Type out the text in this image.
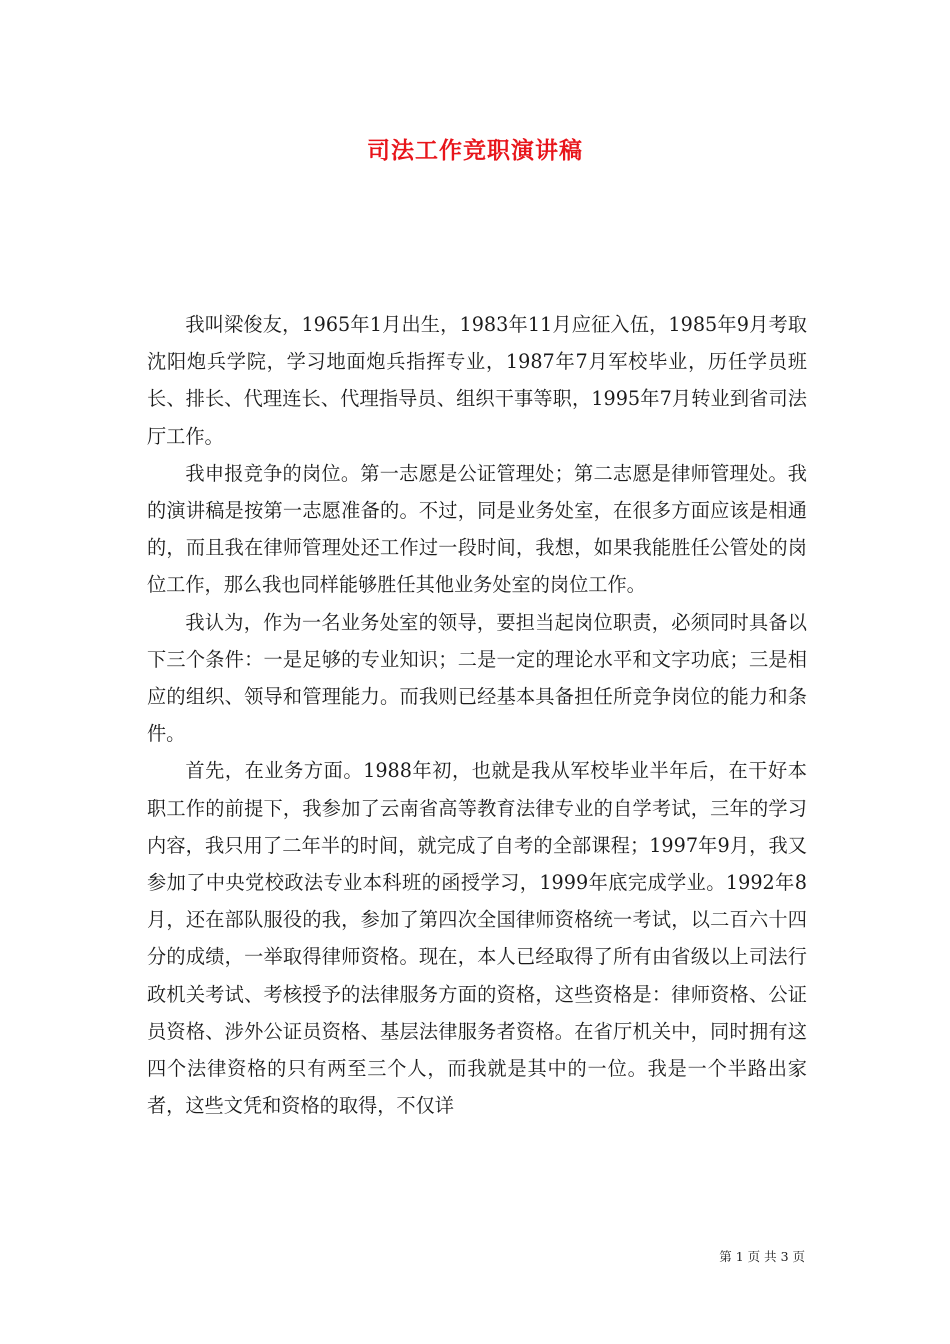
司法工作竞职演讲稿

我叫梁俊友，1965年1月出生，1983年11月应征入伍，1985年9月考取沈阳炮兵学院，学习地面炮兵指挥专业，1987年7月军校毕业，历任学员班长、排长、代理连长、代理指导员、组织干事等职，1995年7月转业到省司法厅工作。

我申报竞争的岗位。第一志愿是公证管理处；第二志愿是律师管理处。我的演讲稿是按第一志愿准备的。不过，同是业务处室，在很多方面应该是相通的，而且我在律师管理处还工作过一段时间，我想，如果我能胜任公管处的岗位工作，那么我也同样能够胜任其他业务处室的岗位工作。

我认为，作为一名业务处室的领导，要担当起岗位职责，必须同时具备以下三个条件：一是足够的专业知识；二是一定的理论水平和文字功底；三是相应的组织、领导和管理能力。而我则已经基本具备担任所竞争岗位的能力和条件。

首先，在业务方面。1988年初，也就是我从军校毕业半年后，在干好本职工作的前提下，我参加了云南省高等教育法律专业的自学考试，三年的学习内容，我只用了二年半的时间，就完成了自考的全部课程；1997年9月，我又参加了中央党校政法专业本科班的函授学习，1999年底完成学业。1992年8月，还在部队服役的我，参加了第四次全国律师资格统一考试，以二百六十四分的成绩，一举取得律师资格。现在，本人已经取得了所有由省级以上司法行政机关考试、考核授予的法律服务方面的资格，这些资格是：律师资格、公证员资格、涉外公证员资格、基层法律服务者资格。在省厅机关中，同时拥有这四个法律资格的只有两至三个人，而我就是其中的一位。我是一个半路出家者，这些文凭和资格的取得，不仅详

第 1 页 共 3 页
